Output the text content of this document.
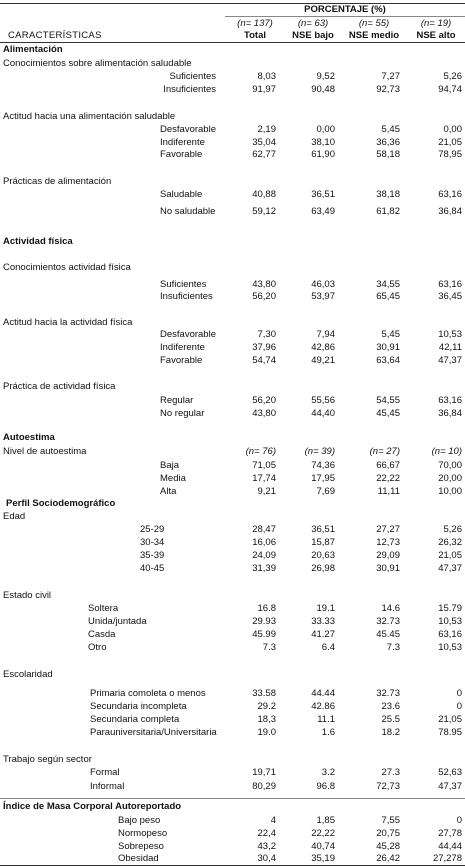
PORCENTAJE (%)
CARACTERÍSTICAS
(n= 137)	(n= 63)	(n= 55)	(n= 19)
Total	NSE bajo	NSE medio	NSE alto
Alimentación
Conocimientos sobre alimentación saludable
Suficientes	8,03	9,52	7,27	5,26
Insuficientes	91,97	90,48	92,73	94,74
Actitud hacia una alimentación saludable
Desfavorable	2,19	0,00	5,45	0,00
Indiferente	35,04	38,10	36,36	21,05
Favorable	62,77	61,90	58,18	78,95
Prácticas de alimentación
Saludable	40,88	36,51	38,18	63,16
No saludable	59,12	63,49	61,82	36,84
Actividad física
Conocimientos actividad física
Suficientes	43,80	46,03	34,55	63,16
Insuficientes	56,20	53,97	65,45	36,45
Actitud hacia la actividad física
Desfavorable	7,30	7,94	5,45	10,53
Indiferente	37,96	42,86	30,91	42,11
Favorable	54,74	49,21	63,64	47,37
Práctica de actividad física
Regular	56,20	55,56	54,55	63,16
No regular	43,80	44,40	45,45	36,84
Autoestima
Nivel de autoestima	(n= 76)	(n= 39)	(n= 27)	(n= 10)
Baja	71,05	74,36	66,67	70,00
Media	17,74	17,95	22,22	20,00
Alta	9,21	7,69	11,11	10,00
Perfil Sociodemográfico
Edad
25-29	28,47	36,51	27,27	5,26
30-34	16,06	15,87	12,73	26,32
35-39	24,09	20,63	29,09	21,05
40-45	31,39	26,98	30,91	47,37
Estado civil
Soltera	16.8	19.1	14.6	15.79
Unida/juntada	29.93	33.33	32.73	10,53
Casda	45.99	41.27	45.45	63,16
Otro	7.3	6.4	7.3	10,53
Escolaridad
Primaria comoleta o menos	33.58	44.44	32.73	0
Secundaria incompleta	29.2	42.86	23.6	0
Secundaria completa	18,3	11.1	25.5	21,05
Parauniversitaria/Universitaria	19.0	1.6	18.2	78.95
Trabajo según sector
Formal	19,71	3.2	27.3	52,63
Informal	80,29	96.8	72,73	47,37
Índice de Masa Corporal Autoreportado
Bajo peso	4	1,85	7,55	0
Normopeso	22,4	22,22	20,75	27,78
Sobrepeso	43,2	40,74	45,28	44,44
Obesidad	30,4	35,19	26,42	27,278
